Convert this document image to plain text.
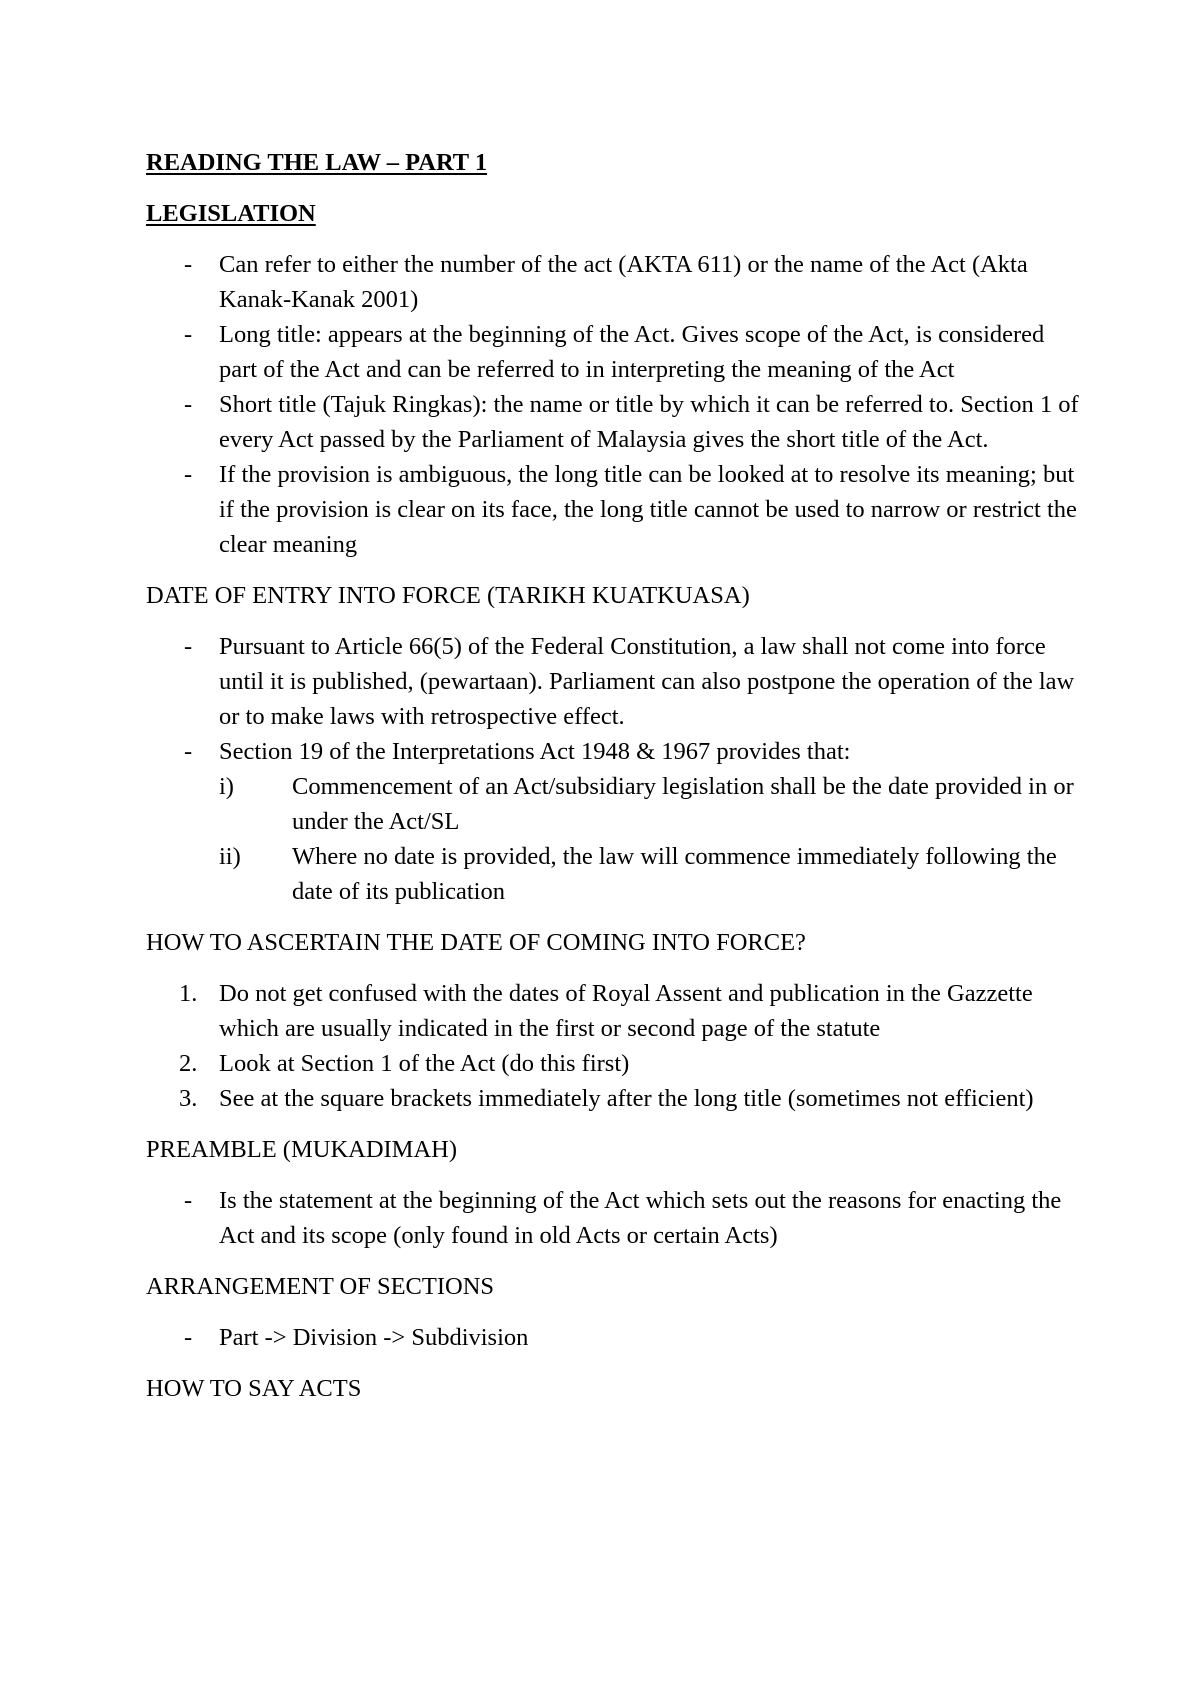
READING THE LAW – PART 1

LEGISLATION

- Can refer to either the number of the act (AKTA 611) or the name of the Act (Akta Kanak-Kanak 2001)
- Long title: appears at the beginning of the Act. Gives scope of the Act, is considered part of the Act and can be referred to in interpreting the meaning of the Act
- Short title (Tajuk Ringkas): the name or title by which it can be referred to. Section 1 of every Act passed by the Parliament of Malaysia gives the short title of the Act.
- If the provision is ambiguous, the long title can be looked at to resolve its meaning; but if the provision is clear on its face, the long title cannot be used to narrow or restrict the clear meaning

DATE OF ENTRY INTO FORCE (TARIKH KUATKUASA)

- Pursuant to Article 66(5) of the Federal Constitution, a law shall not come into force until it is published, (pewartaan). Parliament can also postpone the operation of the law or to make laws with retrospective effect.
- Section 19 of the Interpretations Act 1948 & 1967 provides that:
i) Commencement of an Act/subsidiary legislation shall be the date provided in or under the Act/SL
ii) Where no date is provided, the law will commence immediately following the date of its publication

HOW TO ASCERTAIN THE DATE OF COMING INTO FORCE?

1. Do not get confused with the dates of Royal Assent and publication in the Gazzette which are usually indicated in the first or second page of the statute
2. Look at Section 1 of the Act (do this first)
3. See at the square brackets immediately after the long title (sometimes not efficient)

PREAMBLE (MUKADIMAH)

- Is the statement at the beginning of the Act which sets out the reasons for enacting the Act and its scope (only found in old Acts or certain Acts)

ARRANGEMENT OF SECTIONS

- Part -> Division -> Subdivision

HOW TO SAY ACTS
